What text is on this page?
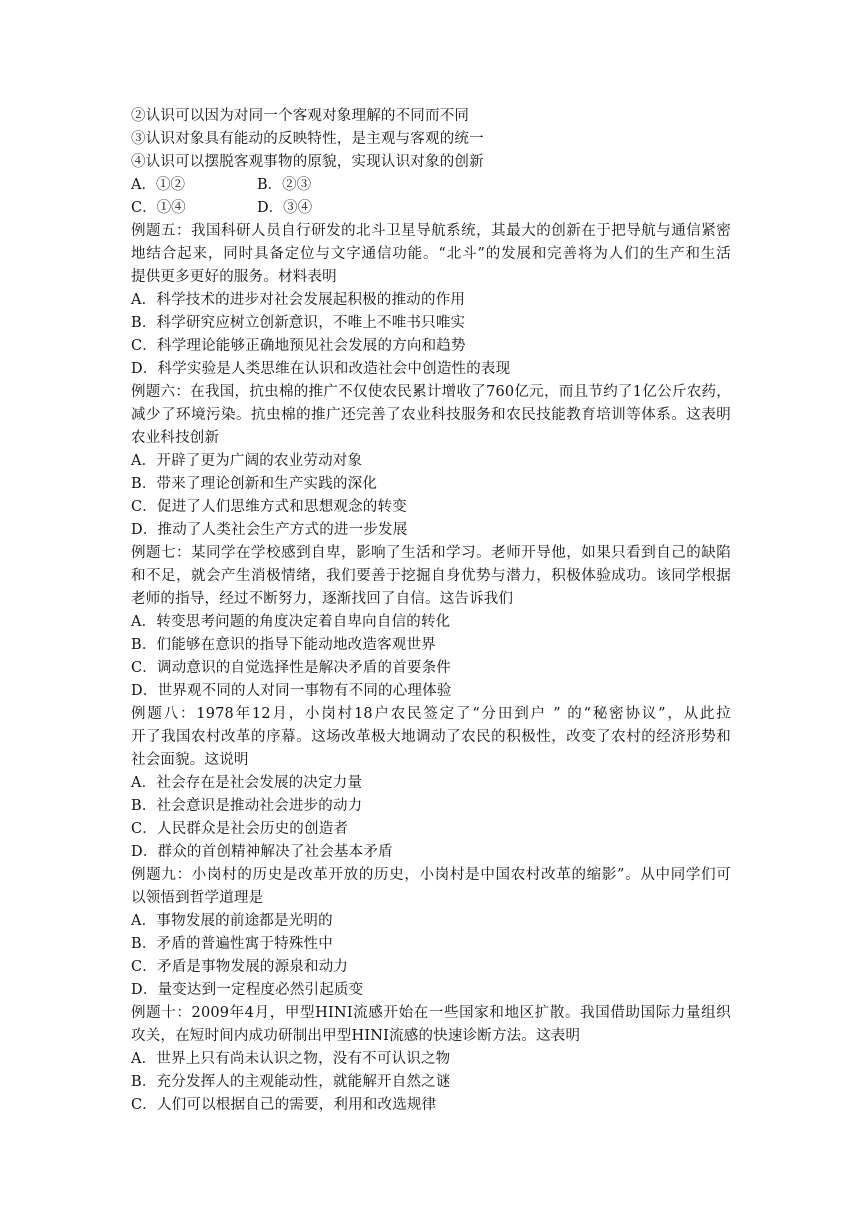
②认识可以因为对同一个客观对象理解的不同而不同
③认识对象具有能动的反映特性，是主观与客观的统一
④认识可以摆脱客观事物的原貌，实现认识对象的创新
A．①②	B．②③
C．①④	D．③④
例题五：我国科研人员自行研发的北斗卫星导航系统，其最大的创新在于把导航与通信紧密
地结合起来，同时具备定位与文字通信功能。“北斗”的发展和完善将为人们的生产和生活
提供更多更好的服务。材料表明
A．科学技术的进步对社会发展起积极的推动的作用
B．科学研究应树立创新意识，不唯上不唯书只唯实
C．科学理论能够正确地预见社会发展的方向和趋势
D．科学实验是人类思维在认识和改造社会中创造性的表现
例题六：在我国，抗虫棉的推广不仅使农民累计增收了760亿元，而且节约了1亿公斤农药，
减少了环境污染。抗虫棉的推广还完善了农业科技服务和农民技能教育培训等体系。这表明
农业科技创新
A．开辟了更为广阔的农业劳动对象
B．带来了理论创新和生产实践的深化
C．促进了人们思维方式和思想观念的转变
D．推动了人类社会生产方式的进一步发展
例题七：某同学在学校感到自卑，影响了生活和学习。老师开导他，如果只看到自己的缺陷
和不足，就会产生消极情绪，我们要善于挖掘自身优势与潜力，积极体验成功。该同学根据
老师的指导，经过不断努力，逐渐找回了自信。这告诉我们
A．转变思考问题的角度决定着自卑向自信的转化
B．们能够在意识的指导下能动地改造客观世界
C．调动意识的自觉选择性是解决矛盾的首要条件
D．世界观不同的人对同一事物有不同的心理体验
例题八：1978年12月，小岗村18户农民签定了“分田到户 ” 的“秘密协议”，从此拉
开了我国农村改革的序幕。这场改革极大地调动了农民的积极性，改变了农村的经济形势和
社会面貌。这说明
A．社会存在是社会发展的决定力量
B．社会意识是推动社会进步的动力
C．人民群众是社会历史的创造者
D．群众的首创精神解决了社会基本矛盾
例题九：小岗村的历史是改革开放的历史，小岗村是中国农村改革的缩影”。从中同学们可
以领悟到哲学道理是
A．事物发展的前途都是光明的
B．矛盾的普遍性寓于特殊性中
C．矛盾是事物发展的源泉和动力
D．量变达到一定程度必然引起质变
例题十：2009年4月，甲型HINI流感开始在一些国家和地区扩散。我国借助国际力量组织
攻关，在短时间内成功研制出甲型HINI流感的快速诊断方法。这表明
A．世界上只有尚未认识之物，没有不可认识之物
B．充分发挥人的主观能动性，就能解开自然之谜
C．人们可以根据自己的需要，利用和改选规律
